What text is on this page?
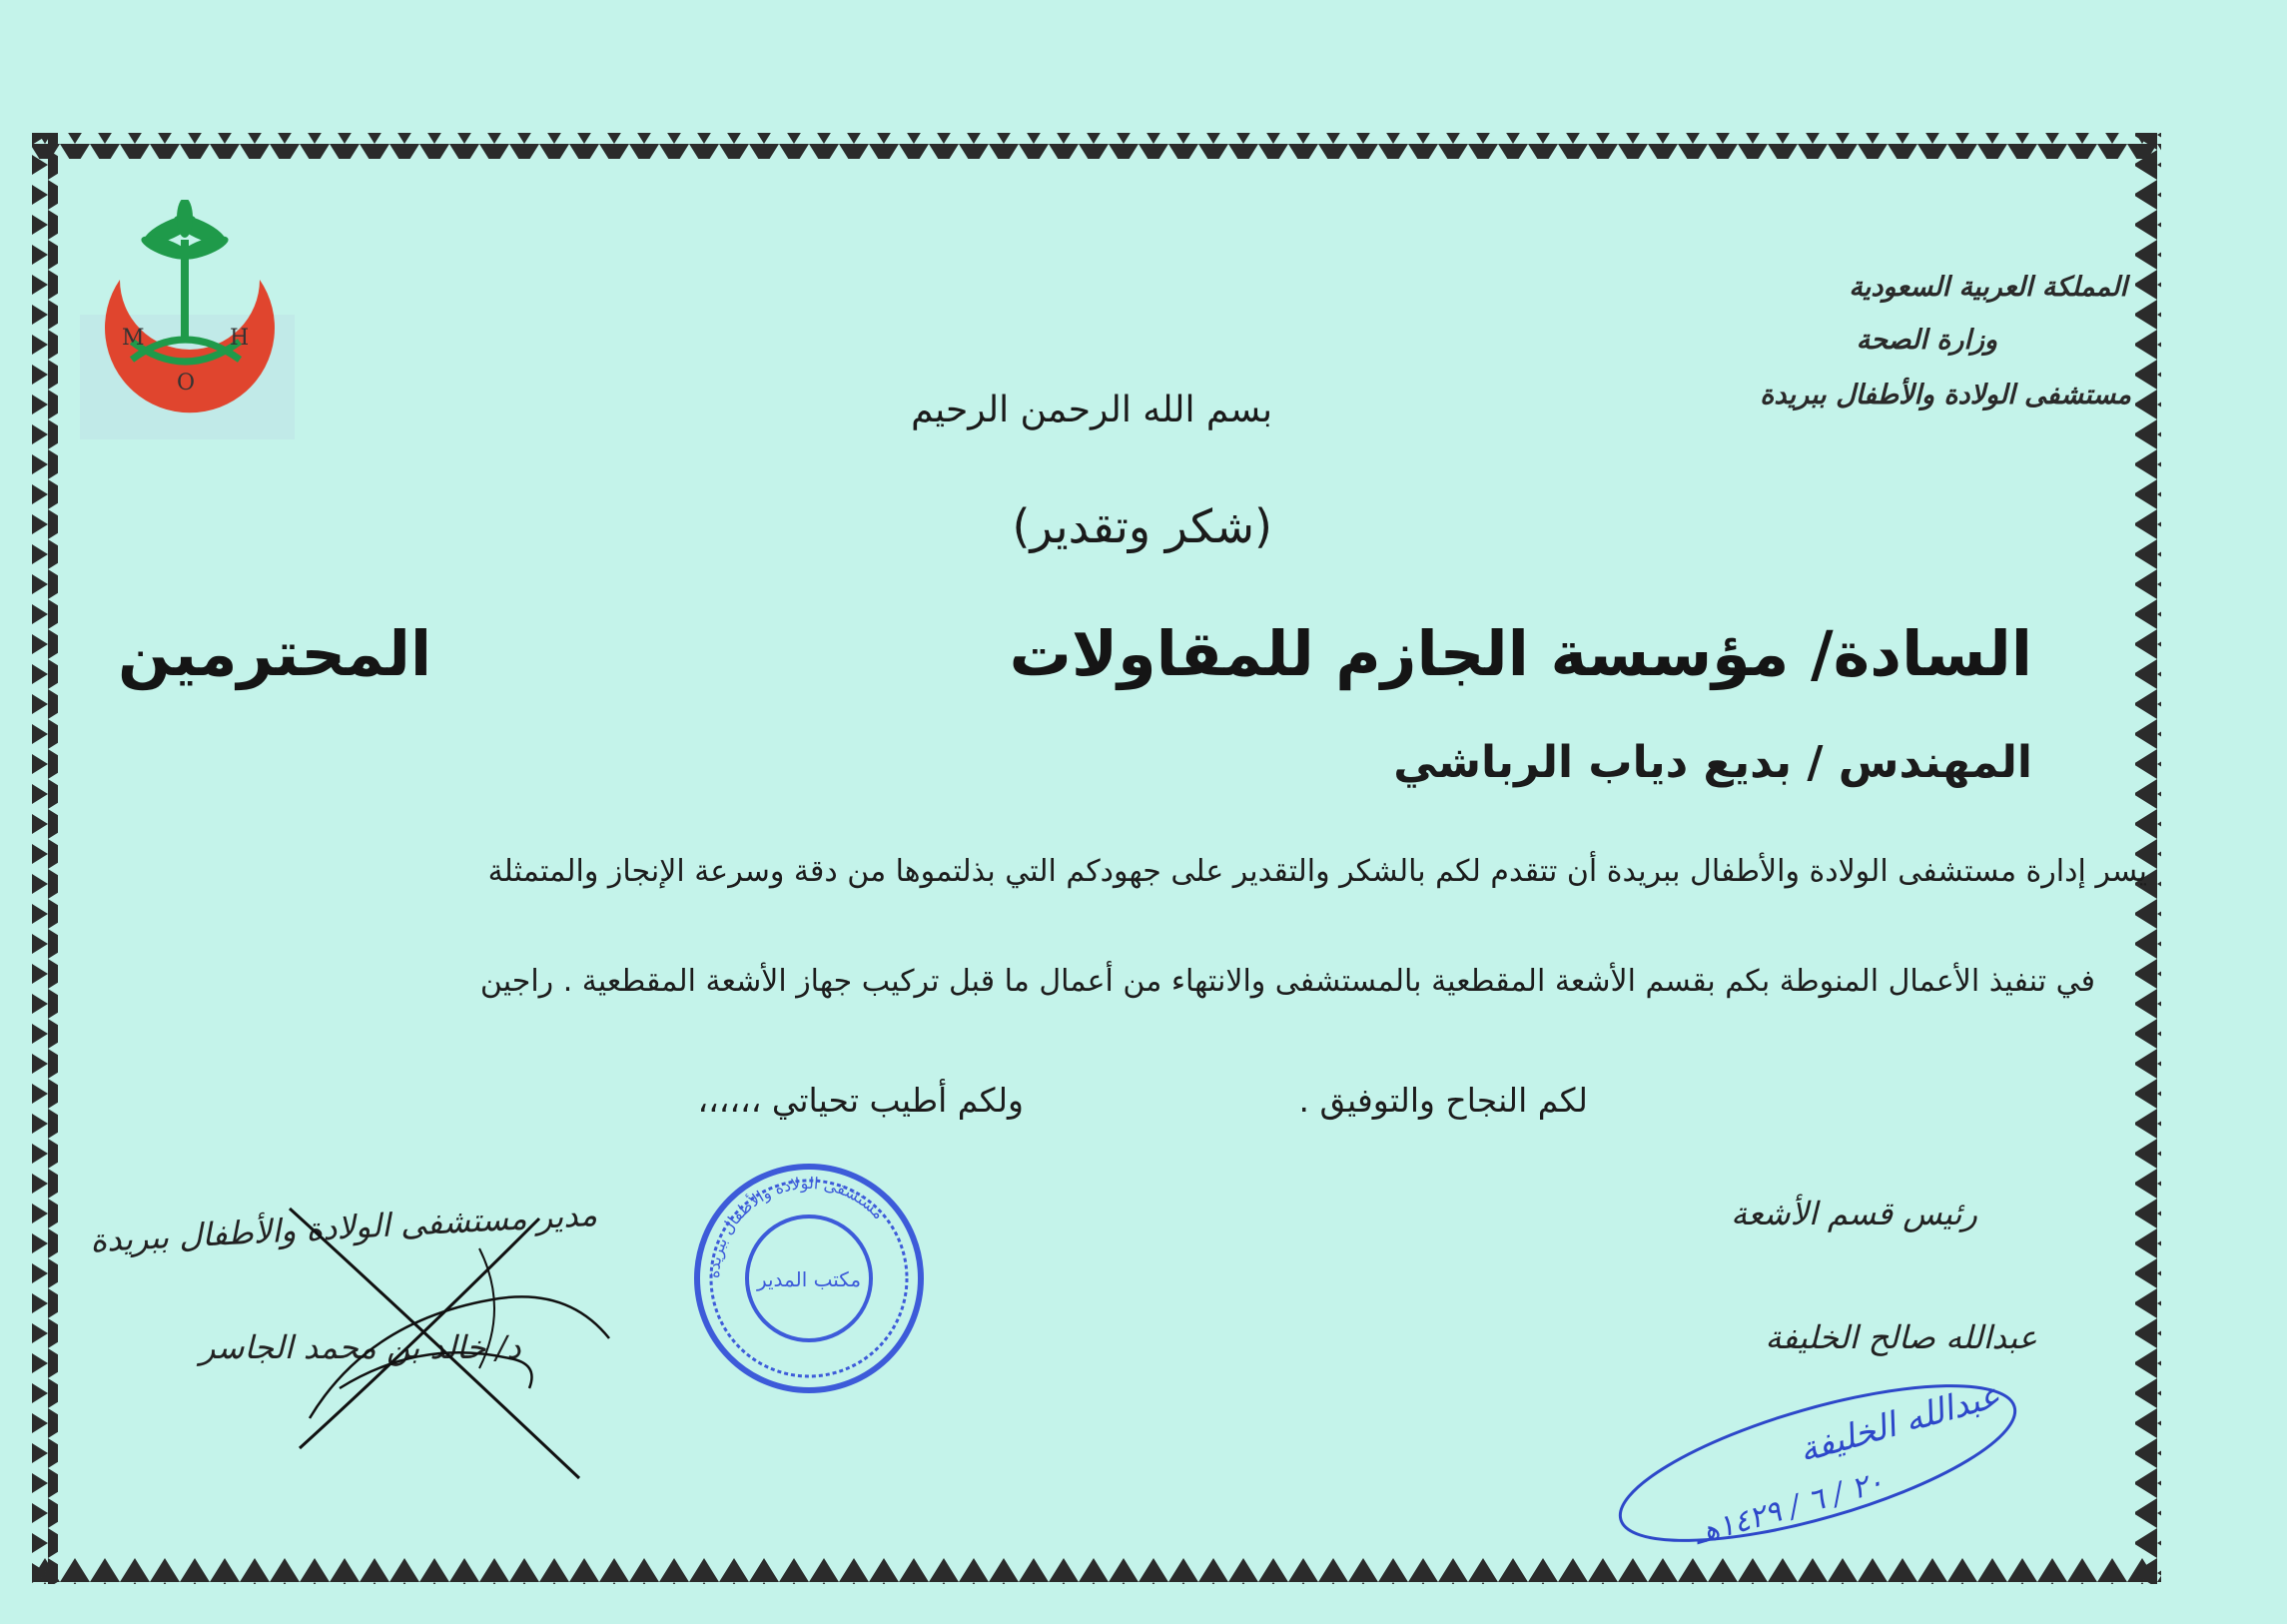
M	H
O
المملكة العربية السعودية
وزارة الصحة
مستشفى الولادة والأطفال ببريدة
بسم الله الرحمن الرحيم
(شكر وتقدير)
السادة/ مؤسسة الجازم للمقاولات
المحترمين
المهندس / بديع دياب الرباشي
يسر إدارة مستشفى الولادة والأطفال ببريدة أن تتقدم لكم بالشكر والتقدير على جهودكم التي بذلتموها من دقة وسرعة الإنجاز والمتمثلة
في تنفيذ الأعمال المنوطة بكم بقسم الأشعة المقطعية بالمستشفى والانتهاء من أعمال ما قبل تركيب جهاز الأشعة المقطعية . راجين
لكم النجاح والتوفيق .
ولكم أطيب تحياتي ،،،،،،
مدير مستشفى الولادة والأطفال ببريدة
د/ خالد بن محمد الجاسر
مستشفى الولادة والأطفال ببريدة
مكتب المدير
رئيس قسم الأشعة
عبدالله صالح الخليفة
عبدالله الخليفة
٢٠ / ٦ / ١٤٢٩هـ
